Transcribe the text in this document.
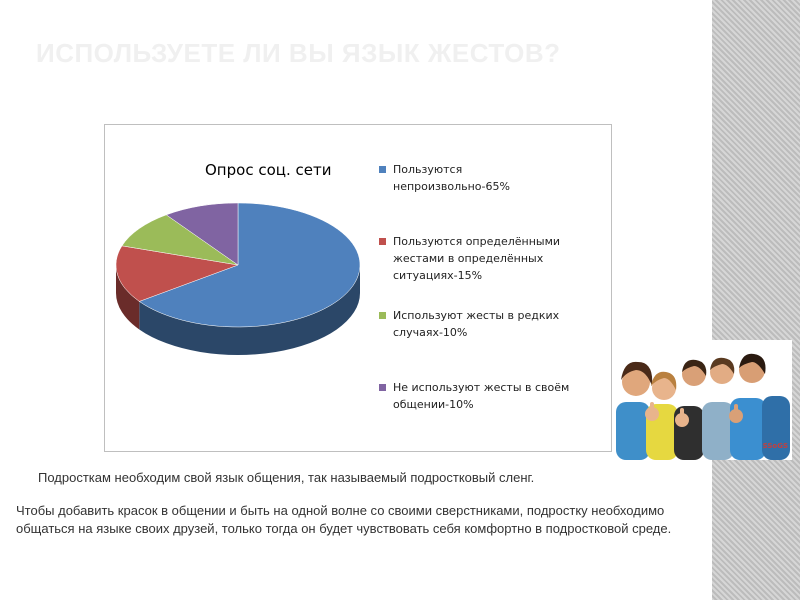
ИСПОЛЬЗУЕТЕ ЛИ ВЫ ЯЗЫК ЖЕСТОВ?
Опрос соц. сети	Пользуются непроизвольно-65%
Пользуются определёнными жестами в определённых ситуациях-15%
Используют жесты в редких случаях-10%
Не используют жесты в своём общении-10%
SSoGS
Подросткам необходим свой язык общения, так называемый подростковый сленг.
Чтобы добавить красок в общении и быть на одной волне со своими сверстниками, подростку необходимо общаться на языке своих друзей, только тогда он будет чувствовать себя комфортно в подростковой среде.
